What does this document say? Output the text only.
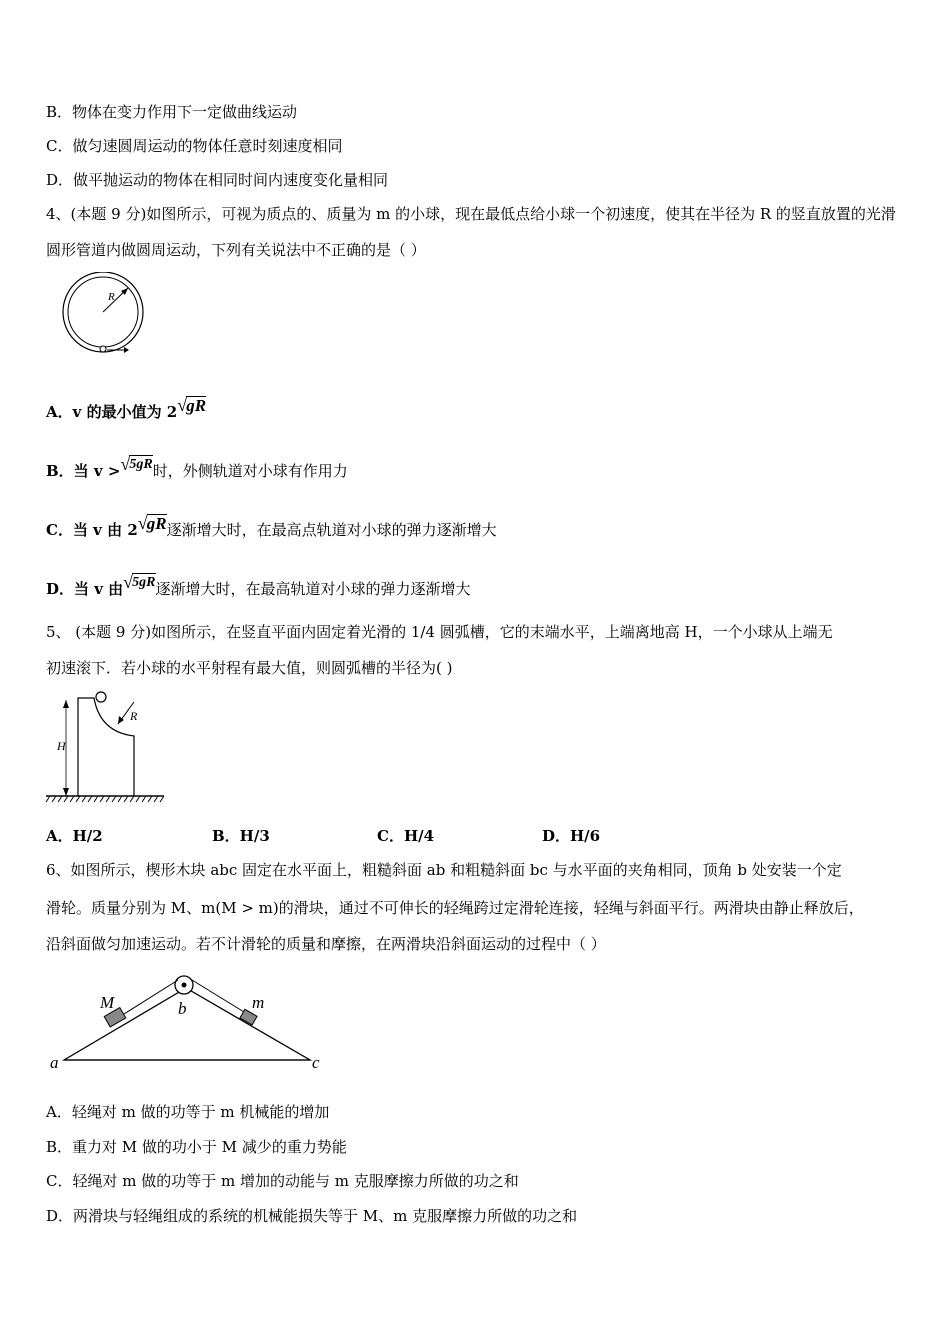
B．物体在变力作用下一定做曲线运动
C．做匀速圆周运动的物体任意时刻速度相同
D．做平抛运动的物体在相同时间内速度变化量相同
4、(本题 9 分)如图所示，可视为质点的、质量为 m 的小球，现在最低点给小球一个初速度，使其在半径为 R 的竖直放置的光滑圆形管道内做圆周运动，下列有关说法中不正确的是（ ）
R
A．v 的最小值为 2 √ gR
B．当 v > √ 5gR时，外侧轨道对小球有作用力
C．当 v 由 2 √ gR逐渐增大时，在最高点轨道对小球的弹力逐渐增大
D．当 v 由 √ 5gR逐渐增大时，在最高轨道对小球的弹力逐渐增大
5、 (本题 9 分)如图所示，在竖直平面内固定着光滑的 1/4 圆弧槽，它的末端水平，上端离地高 H，一个小球从上端无
初速滚下．若小球的水平射程有最大值，则圆弧槽的半径为( )
H
R
A．H/2	B．H/3	C．H/4	D．H/6
6、如图所示，楔形木块 abc 固定在水平面上，粗糙斜面 ab 和粗糙斜面 bc 与水平面的夹角相同，顶角 b 处安装一个定
滑轮。质量分别为 M、m(M > m)的滑块，通过不可伸长的轻绳跨过定滑轮连接，轻绳与斜面平行。两滑块由静止释放后，
沿斜面做匀加速运动。若不计滑轮的质量和摩擦，在两滑块沿斜面运动的过程中（ ）
M	m
b
a	c
A．轻绳对 m 做的功等于 m 机械能的增加
B．重力对 M 做的功小于 M 减少的重力势能
C．轻绳对 m 做的功等于 m 增加的动能与 m 克服摩擦力所做的功之和
D．两滑块与轻绳组成的系统的机械能损失等于 M、m 克服摩擦力所做的功之和
